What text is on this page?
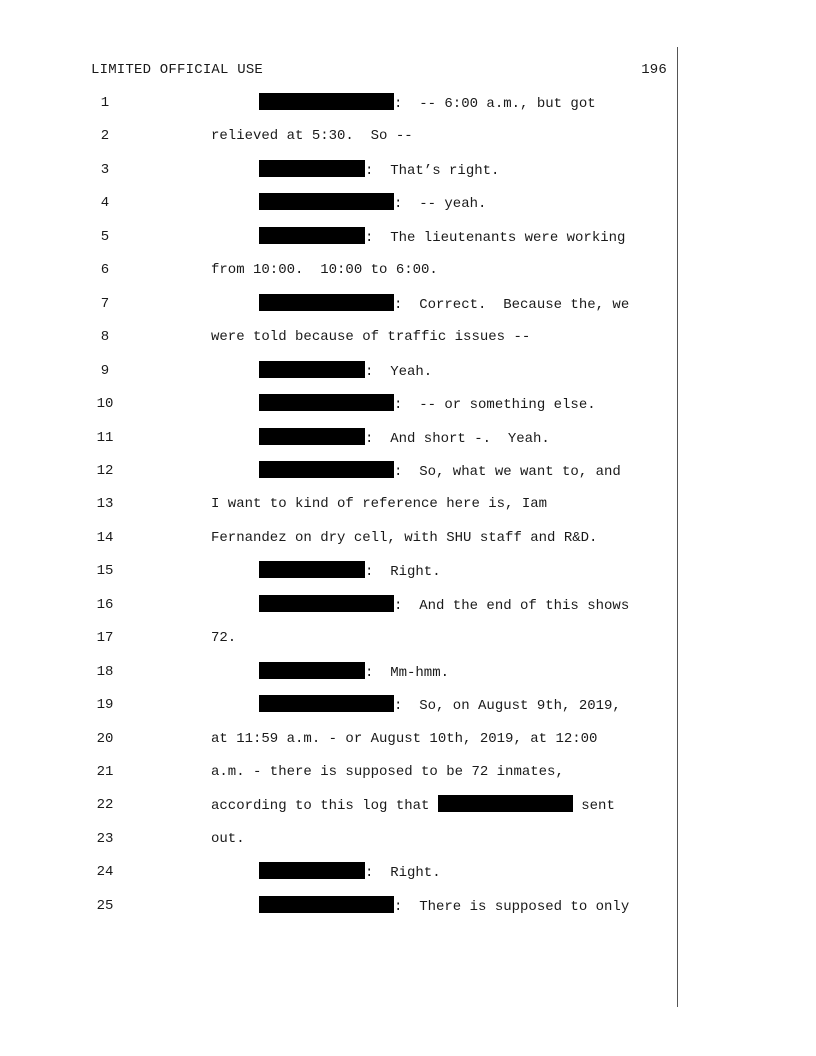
LIMITED OFFICIAL USE	196
1	:  -- 6:00 a.m., but got
2	relieved at 5:30.  So --
3	:  That’s right.
4	:  -- yeah.
5	:  The lieutenants were working
6	from 10:00.  10:00 to 6:00.
7	:  Correct.  Because the, we
8	were told because of traffic issues --
9	:  Yeah.
10	:  -- or something else.
11	:  And short -.  Yeah.
12	:  So, what we want to, and
13	I want to kind of reference here is, Iam
14	Fernandez on dry cell, with SHU staff and R&D.
15	:  Right.
16	:  And the end of this shows
17	72.
18	:  Mm-hmm.
19	:  So, on August 9th, 2019,
20	at 11:59 a.m. - or August 10th, 2019, at 12:00
21	a.m. - there is supposed to be 72 inmates,
22	according to this log that	sent
23	out.
24	:  Right.
25	:  There is supposed to only
